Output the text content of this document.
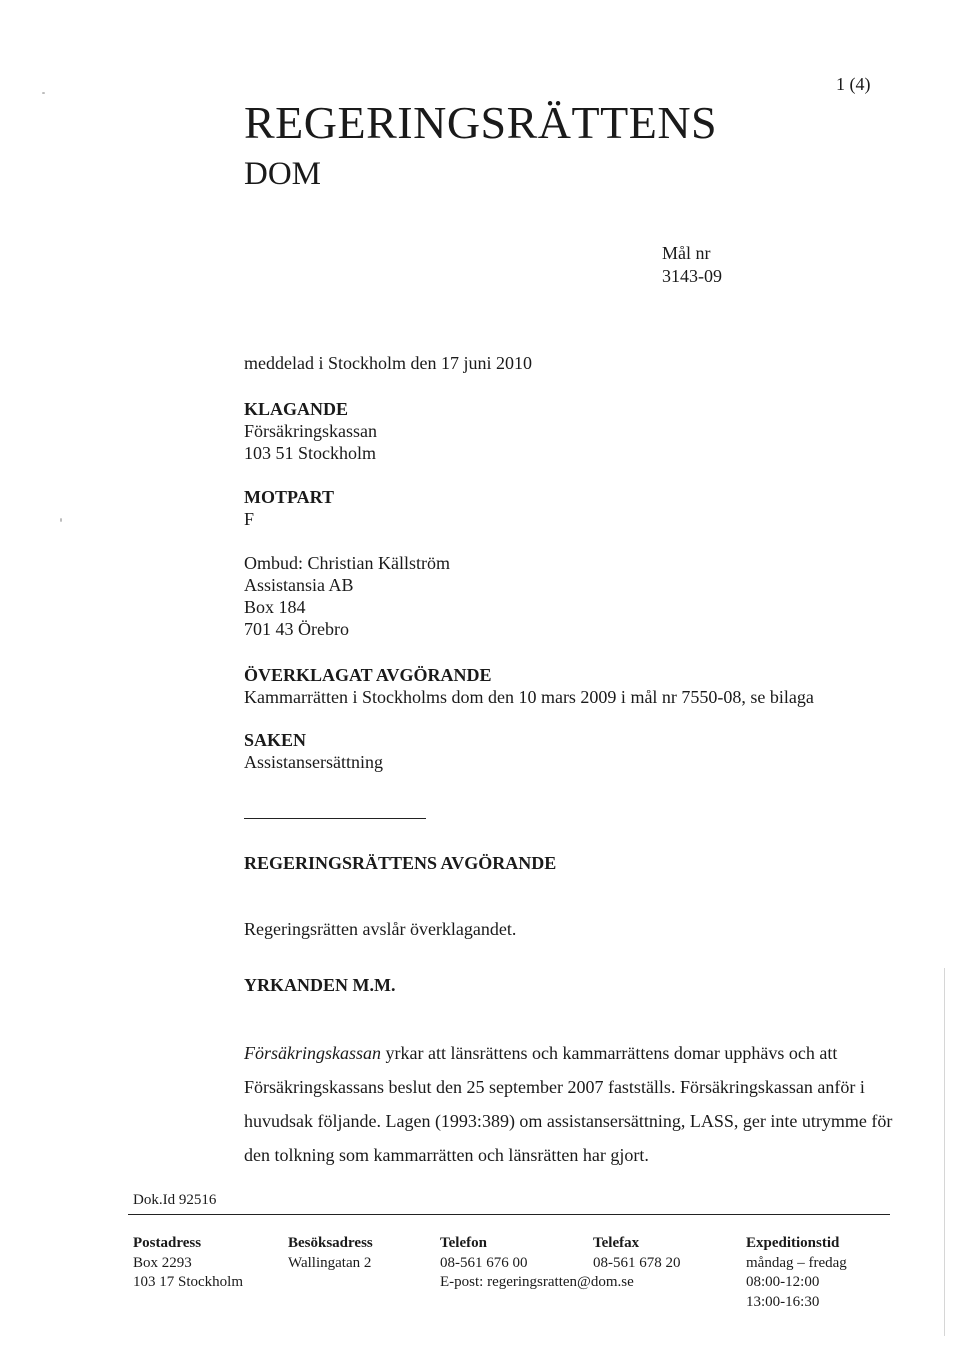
1 (4)
REGERINGSRÄTTENS
DOM
Mål nr
3143-09
meddelad i Stockholm den 17 juni 2010
KLAGANDE
Försäkringskassan
103 51 Stockholm
MOTPART
F
Ombud: Christian Källström
Assistansia AB
Box 184
701 43 Örebro
ÖVERKLAGAT AVGÖRANDE
Kammarrätten i Stockholms dom den 10 mars 2009 i mål nr 7550-08, se bilaga
SAKEN
Assistansersättning
REGERINGSRÄTTENS AVGÖRANDE
Regeringsrätten avslår överklagandet.
YRKANDEN M.M.
Försäkringskassan yrkar att länsrättens och kammarrättens domar upphävs och att Försäkringskassans beslut den 25 september 2007 fastställs. Försäkringskassan anför i huvudsak följande. Lagen (1993:389) om assistansersättning, LASS, ger inte utrymme för den tolkning som kammarrätten och länsrätten har gjort.
Dok.Id 92516
Postadress
Box 2293
103 17 Stockholm
Besöksadress
Wallingatan 2
Telefon
08-561 676 00
E-post: regeringsratten@dom.se
Telefax
08-561 678 20
Expeditionstid
måndag – fredag
08:00-12:00
13:00-16:30
